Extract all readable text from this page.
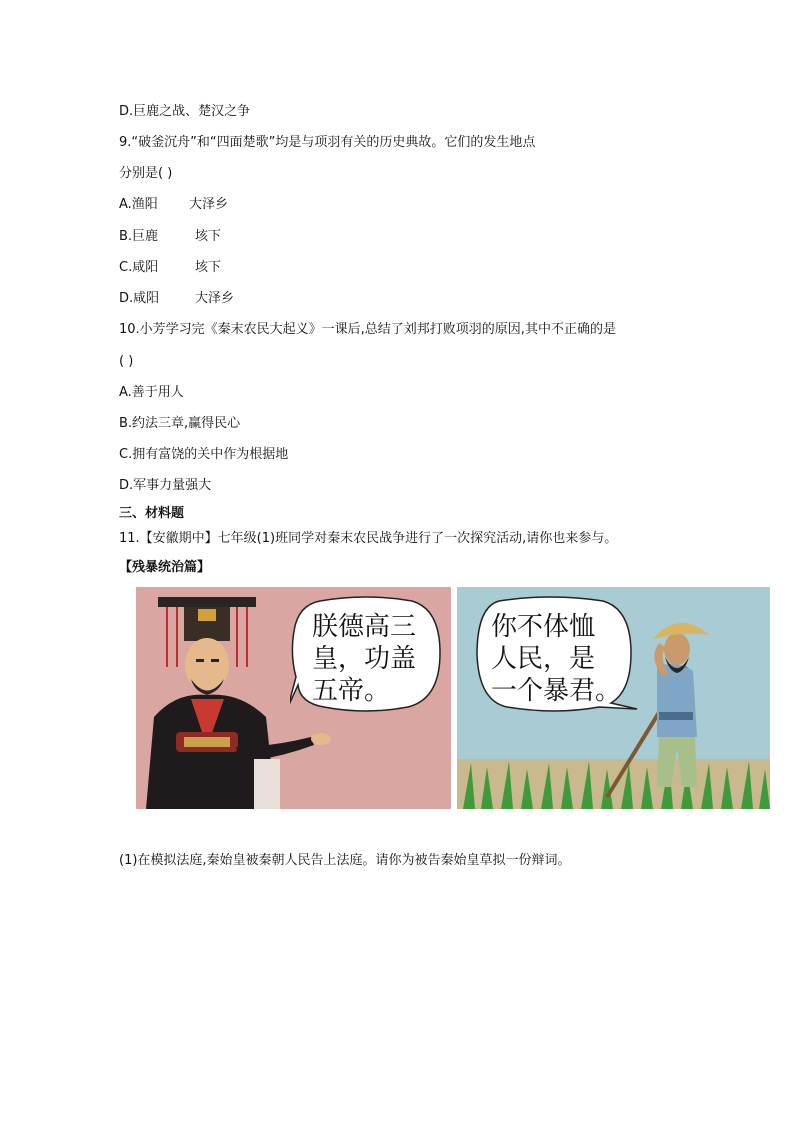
D.巨鹿之战、楚汉之争
9.“破釜沉舟”和“四面楚歌”均是与项羽有关的历史典故。它们的发生地点
分别是( )
A.渔阳 大泽乡
B.巨鹿	垓下
C.咸阳	垓下
D.咸阳	大泽乡
10.小芳学习完《秦末农民大起义》一课后,总结了刘邦打败项羽的原因,其中不正确的是
( )
A.善于用人
B.约法三章,赢得民心
C.拥有富饶的关中作为根据地
D.军事力量强大
三、材料题
11.【安徽期中】七年级(1)班同学对秦末农民战争进行了一次探究活动,请你也来参与。
【残暴统治篇】
朕德高三
皇，功盖
五帝。
你不体恤
人民，是
一个暴君。
(1)在模拟法庭,秦始皇被秦朝人民告上法庭。请你为被告秦始皇草拟一份辩词。
